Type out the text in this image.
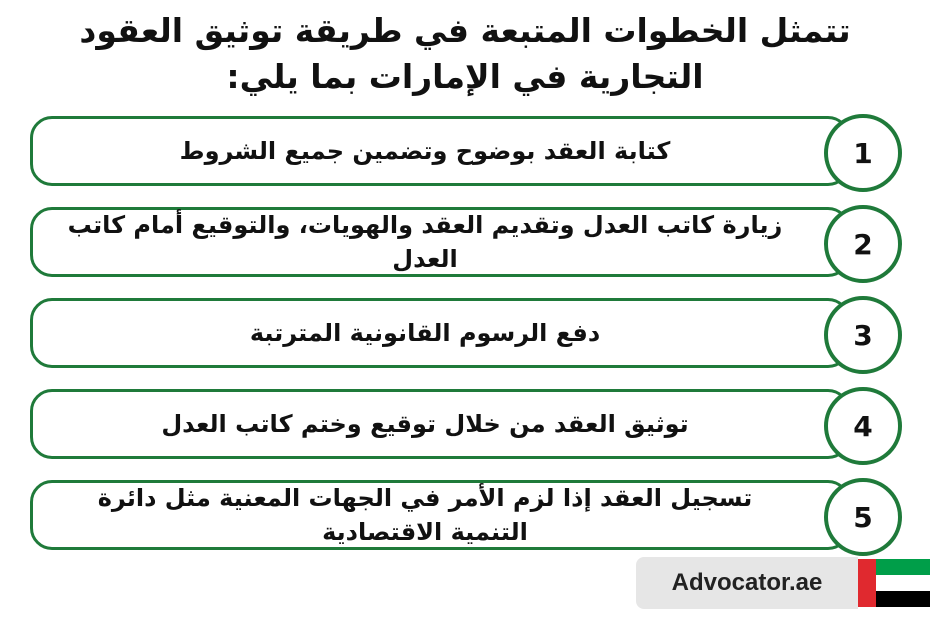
تتمثل الخطوات المتبعة في طريقة توثيق العقود
التجارية في الإمارات بما يلي:
كتابة العقد بوضوح وتضمين جميع الشروط	1
زيارة كاتب العدل وتقديم العقد والهويات، والتوقيع أمام كاتب العدل	2
دفع الرسوم القانونية المترتبة	3
توثيق العقد من خلال توقيع وختم كاتب العدل	4
تسجيل العقد إذا لزم الأمر في الجهات المعنية مثل دائرة التنمية الاقتصادية	5
Advocator.ae
